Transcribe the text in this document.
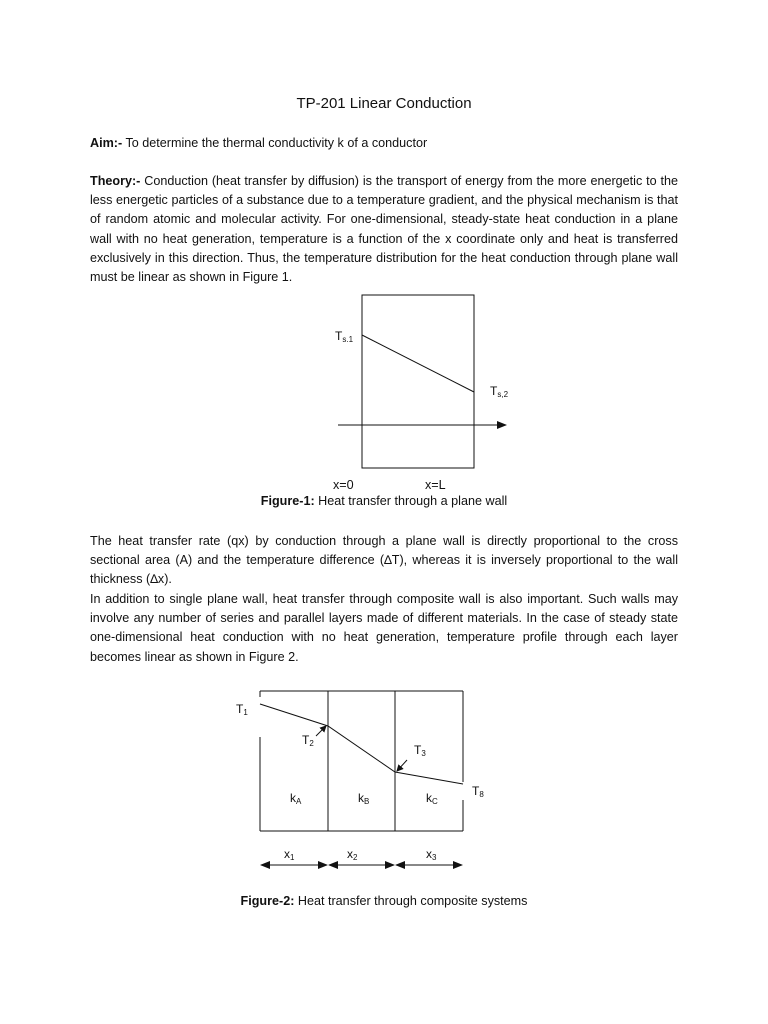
TP-201 Linear Conduction
Aim:- To determine the thermal conductivity k of a conductor
Theory:- Conduction (heat transfer by diffusion) is the transport of energy from the more energetic to the less energetic particles of a substance due to a temperature gradient, and the physical mechanism is that of random atomic and molecular activity. For one-dimensional, steady-state heat conduction in a plane wall with no heat generation, temperature is a function of the x coordinate only and heat is transferred exclusively in this direction. Thus, the temperature distribution for the heat conduction through plane wall must be linear as shown in Figure 1.
Ts.1
Ts,2
x=0	x=L
T1
T2	T3
T8
kA	kB	kC
x1	x2	x3
Figure-1: Heat transfer through a plane wall
The heat transfer rate (qx) by conduction through a plane wall is directly proportional to the cross sectional area (A) and the temperature difference (∆T), whereas it is inversely proportional to the wall thickness (∆x).
In addition to single plane wall, heat transfer through composite wall is also important. Such walls may involve any number of series and parallel layers made of different materials. In the case of steady state one-dimensional heat conduction with no heat generation, temperature profile through each layer becomes linear as shown in Figure 2.
Figure-2: Heat transfer through composite systems
